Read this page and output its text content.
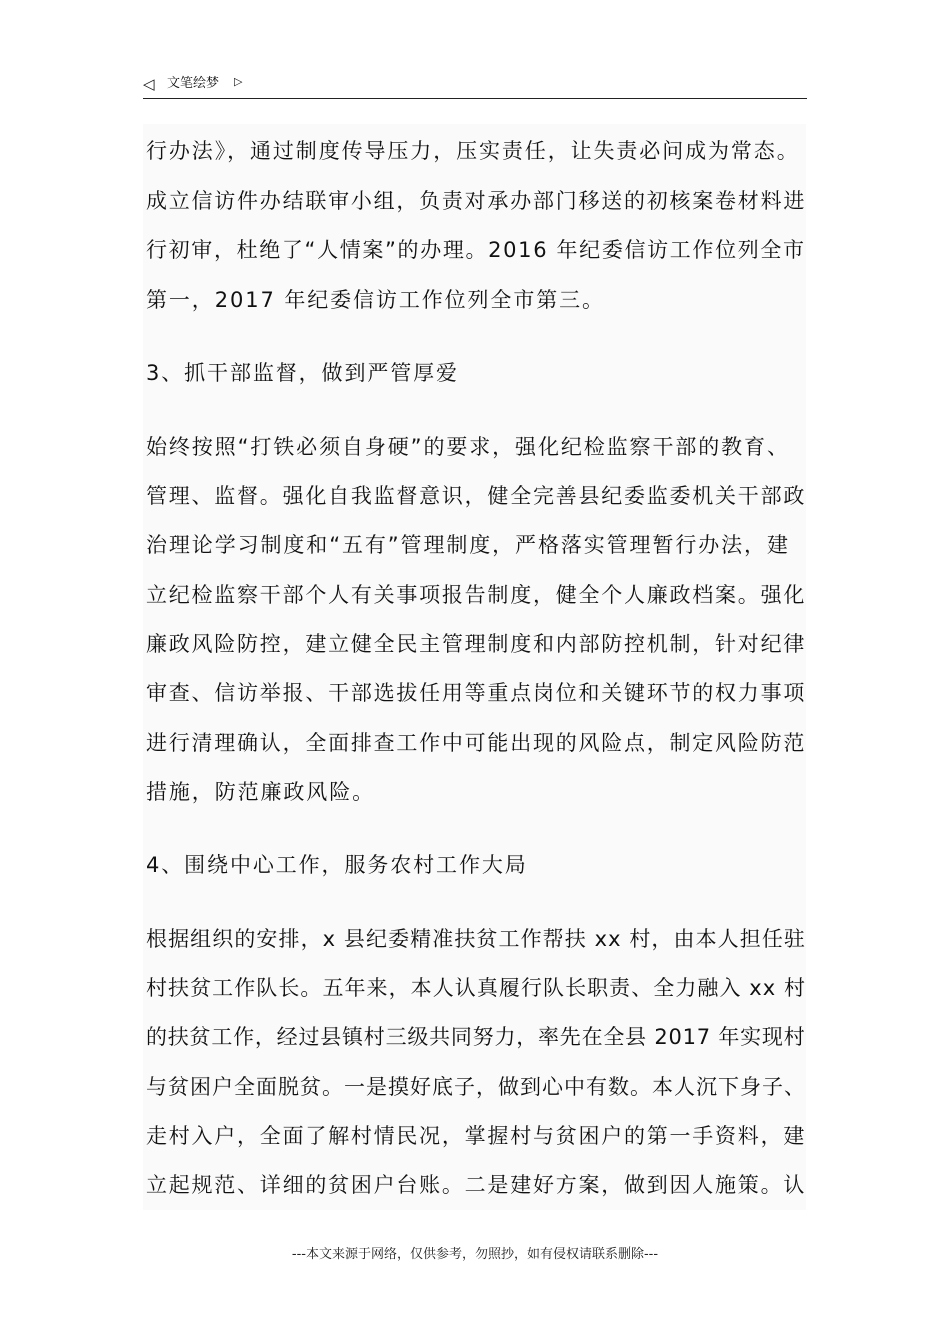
◁ 文笔绘梦 ▷
行办法》，通过制度传导压力，压实责任，让失责必问成为常态。
成立信访件办结联审小组，负责对承办部门移送的初核案卷材料进
行初审，杜绝了“人情案”的办理。2016 年纪委信访工作位列全市
第一，2017 年纪委信访工作位列全市第三。
3、抓干部监督，做到严管厚爱
始终按照“打铁必须自身硬”的要求，强化纪检监察干部的教育、
管理、监督。强化自我监督意识，健全完善县纪委监委机关干部政
治理论学习制度和“五有”管理制度，严格落实管理暂行办法，建
立纪检监察干部个人有关事项报告制度，健全个人廉政档案。强化
廉政风险防控，建立健全民主管理制度和内部防控机制，针对纪律
审查、信访举报、干部选拔任用等重点岗位和关键环节的权力事项
进行清理确认，全面排查工作中可能出现的风险点，制定风险防范
措施，防范廉政风险。
4、围绕中心工作，服务农村工作大局
根据组织的安排，x 县纪委精准扶贫工作帮扶 xx 村，由本人担任驻
村扶贫工作队长。五年来，本人认真履行队长职责、全力融入 xx 村
的扶贫工作，经过县镇村三级共同努力，率先在全县 2017 年实现村
与贫困户全面脱贫。一是摸好底子，做到心中有数。本人沉下身子、
走村入户，全面了解村情民况，掌握村与贫困户的第一手资料，建
立起规范、详细的贫困户台账。二是建好方案，做到因人施策。认
---本文来源于网络，仅供参考，勿照抄，如有侵权请联系删除---
